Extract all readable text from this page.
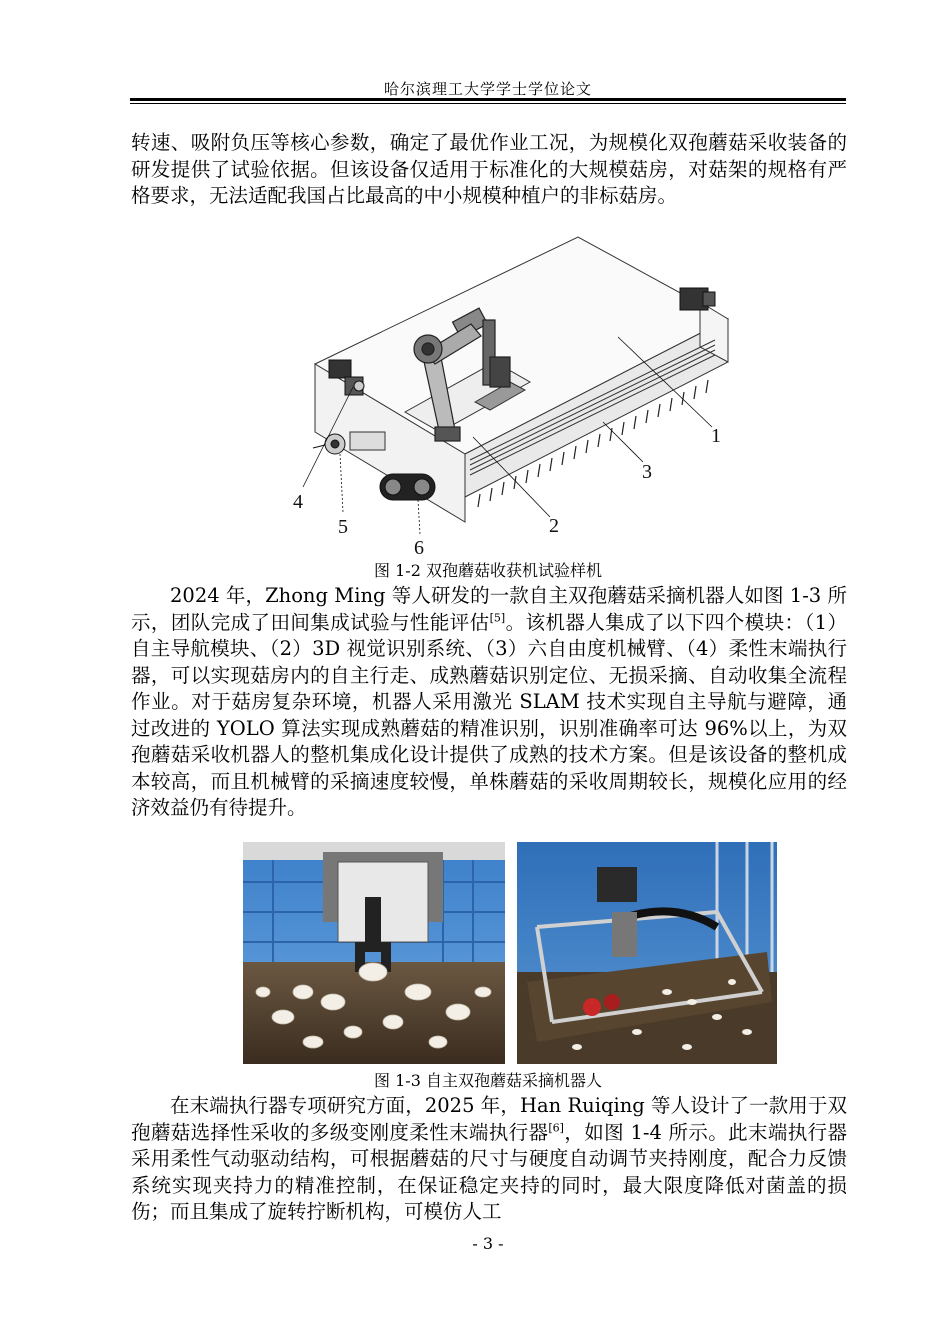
哈尔滨理工大学学士学位论文

转速、吸附负压等核心参数，确定了最优作业工况，为规模化双孢蘑菇采收装备的研发提供了试验依据。但该设备仅适用于标准化的大规模菇房，对菇架的规格有严格要求，无法适配我国占比最高的中小规模种植户的非标菇房。

1
2
3
4
5
6
图 1-2 双孢蘑菇收获机试验样机

2024 年，Zhong Ming 等人研发的一款自主双孢蘑菇采摘机器人如图 1-3 所示，团队完成了田间集成试验与性能评估[5]。该机器人集成了以下四个模块：（1）自主导航模块、（2）3D 视觉识别系统、（3）六自由度机械臂、（4）柔性末端执行器，可以实现菇房内的自主行走、成熟蘑菇识别定位、无损采摘、自动收集全流程作业。对于菇房复杂环境，机器人采用激光 SLAM 技术实现自主导航与避障，通过改进的 YOLO 算法实现成熟蘑菇的精准识别，识别准确率可达 96%以上，为双孢蘑菇采收机器人的整机集成化设计提供了成熟的技术方案。但是该设备的整机成本较高，而且机械臂的采摘速度较慢，单株蘑菇的采收周期较长，规模化应用的经济效益仍有待提升。

图 1-3 自主双孢蘑菇采摘机器人

在末端执行器专项研究方面，2025 年，Han Ruiqing 等人设计了一款用于双孢蘑菇选择性采收的多级变刚度柔性末端执行器[6]，如图 1-4 所示。此末端执行器采用柔性气动驱动结构，可根据蘑菇的尺寸与硬度自动调节夹持刚度，配合力反馈系统实现夹持力的精准控制，在保证稳定夹持的同时，最大限度降低对菌盖的损伤；而且集成了旋转拧断机构，可模仿人工

- 3 -
